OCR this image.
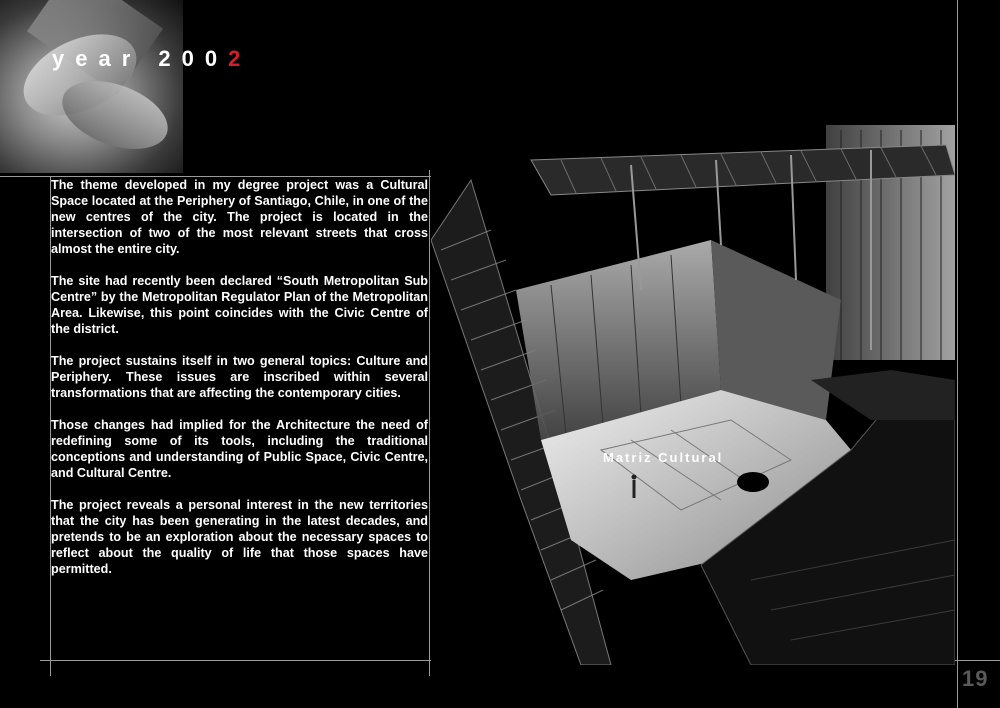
year 2002

The theme developed in my degree project was a Cultural Space located at the Periphery of Santiago, Chile, in one of the new centres of the city. The project is located in the intersection of two of the most relevant streets that cross almost the entire city.

The site had recently been declared “South Metropolitan Sub Centre” by the Metropolitan Regulator Plan of the Metropolitan Area. Likewise, this point coincides with the Civic Centre of the district.

The project sustains itself in two general topics: Culture and Periphery. These issues are inscribed within several transformations that are affecting the contemporary cities.

Those changes had implied for the Architecture the need of redefining some of its tools, including the traditional conceptions and understanding of Public Space, Civic Centre, and Cultural Centre.

The project reveals a personal interest in the new territories that the city has been generating in the latest decades, and pretends to be an exploration about the necessary spaces to reflect about the quality of life that those spaces have permitted.

Matriz Cultural
19
